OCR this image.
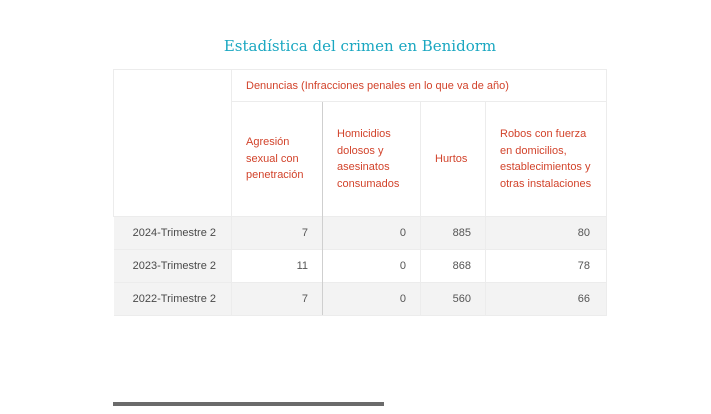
Estadística del crimen en Benidorm
	Denuncias (Infracciones penales en lo que va de año)			
	Agresión sexual con penetración	Homicidios dolosos y asesinatos consumados	Hurtos	Robos con fuerza en domicilios, establecimientos y otras instalaciones
2024-Trimestre 2	7	0	885	80
2023-Trimestre 2	11	0	868	78
2022-Trimestre 2	7	0	560	66
